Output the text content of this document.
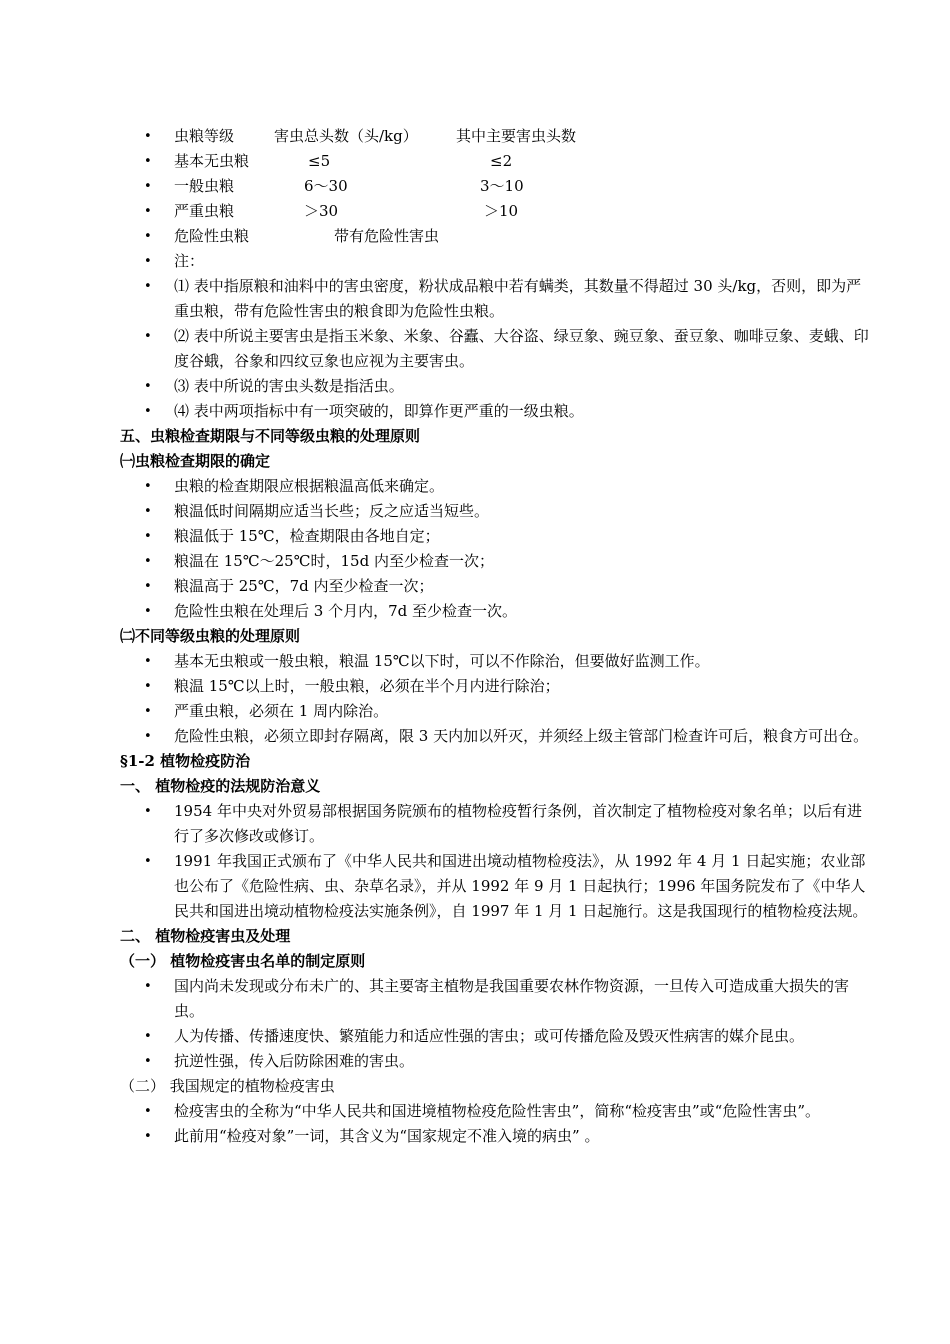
• 虫粮等级	害虫总头数（头/kg）	其中主要害虫头数
• 基本无虫粮	≤5	≤2
• 一般虫粮	6～30	3～10
• 严重虫粮	＞30	＞10
• 危险性虫粮	带有危险性害虫
• 注：
• ⑴ 表中指原粮和油料中的害虫密度，粉状成品粮中若有螨类，其数量不得超过 30 头/kg，否则，即为严重虫粮，带有危险性害虫的粮食即为危险性虫粮。
• ⑵ 表中所说主要害虫是指玉米象、米象、谷蠹、大谷盗、绿豆象、豌豆象、蚕豆象、咖啡豆象、麦蛾、印度谷蛾，谷象和四纹豆象也应视为主要害虫。
• ⑶ 表中所说的害虫头数是指活虫。
• ⑷ 表中两项指标中有一项突破的，即算作更严重的一级虫粮。
五、虫粮检查期限与不同等级虫粮的处理原则
㈠虫粮检查期限的确定
• 虫粮的检查期限应根据粮温高低来确定。
• 粮温低时间隔期应适当长些；反之应适当短些。
• 粮温低于 15℃，检查期限由各地自定；
• 粮温在 15℃～25℃时，15d 内至少检查一次；
• 粮温高于 25℃，7d 内至少检查一次；
• 危险性虫粮在处理后 3 个月内，7d 至少检查一次。
㈡不同等级虫粮的处理原则
• 基本无虫粮或一般虫粮，粮温 15℃以下时，可以不作除治，但要做好监测工作。
• 粮温 15℃以上时，一般虫粮，必须在半个月内进行除治；
• 严重虫粮，必须在 1 周内除治。
• 危险性虫粮，必须立即封存隔离，限 3 天内加以歼灭，并须经上级主管部门检查许可后，粮食方可出仓。
§1-2 植物检疫防治
一、 植物检疫的法规防治意义
• 1954 年中央对外贸易部根据国务院颁布的植物检疫暂行条例，首次制定了植物检疫对象名单；以后有进行了多次修改或修订。
• 1991 年我国正式颁布了《中华人民共和国进出境动植物检疫法》，从 1992 年 4 月 1 日起实施；农业部也公布了《危险性病、虫、杂草名录》，并从 1992 年 9 月 1 日起执行；1996 年国务院发布了《中华人民共和国进出境动植物检疫法实施条例》，自 1997 年 1 月 1 日起施行。这是我国现行的植物检疫法规。
二、 植物检疫害虫及处理
（一） 植物检疫害虫名单的制定原则
• 国内尚未发现或分布未广的、其主要寄主植物是我国重要农林作物资源，一旦传入可造成重大损失的害虫。
• 人为传播、传播速度快、繁殖能力和适应性强的害虫；或可传播危险及毁灭性病害的媒介昆虫。
• 抗逆性强，传入后防除困难的害虫。
（二） 我国规定的植物检疫害虫
• 检疫害虫的全称为“中华人民共和国进境植物检疫危险性害虫”，简称“检疫害虫”或“危险性害虫”。
• 此前用“检疫对象”一词，其含义为“国家规定不准入境的病虫” 。
